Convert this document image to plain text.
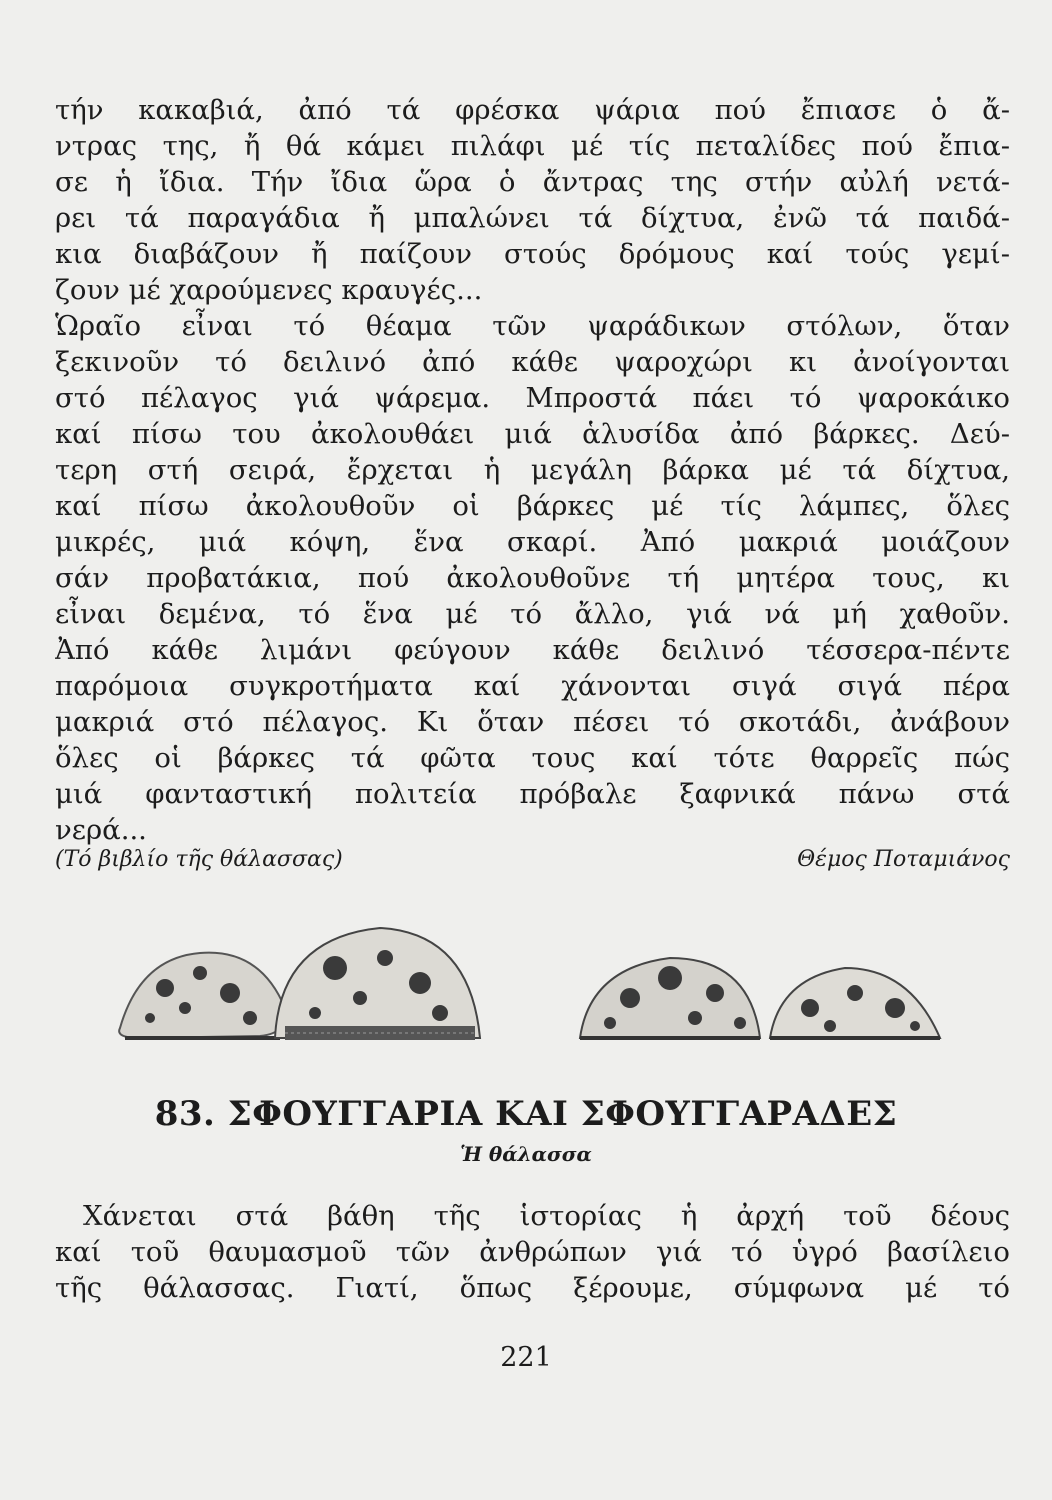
τήν κακαβιά, ἀπό τά φρέσκα ψάρια πού ἔπιασε ὁ ἄ-
ντρας της, ἤ θά κάμει πιλάφι μέ τίς πεταλίδες πού ἔπια-
σε ἡ ἴδια. Τήν ἴδια ὥρα ὁ ἄντρας της στήν αὐλή νετά-
ρει τά παραγάδια ἤ μπαλώνει τά δίχτυα, ἐνῶ τά παιδά-
κια διαβάζουν ἤ παίζουν στούς δρόμους καί τούς γεμί-
ζουν μέ χαρούμενες κραυγές...
Ὡραῖο εἶναι τό θέαμα τῶν ψαράδικων στόλων, ὅταν
ξεκινοῦν τό δειλινό ἀπό κάθε ψαροχώρι κι ἀνοίγονται
στό πέλαγος γιά ψάρεμα. Μπροστά πάει τό ψαροκάικο
καί πίσω του ἀκολουθάει μιά ἁλυσίδα ἀπό βάρκες. Δεύ-
τερη στή σειρά, ἔρχεται ἡ μεγάλη βάρκα μέ τά δίχτυα,
καί πίσω ἀκολουθοῦν οἱ βάρκες μέ τίς λάμπες, ὅλες
μικρές, μιά κόψη, ἕνα σκαρί. Ἀπό μακριά μοιάζουν
σάν προβατάκια, πού ἀκολουθοῦνε τή μητέρα τους, κι
εἶναι δεμένα, τό ἕνα μέ τό ἄλλο, γιά νά μή χαθοῦν.
Ἀπό κάθε λιμάνι φεύγουν κάθε δειλινό τέσσερα-πέντε
παρόμοια συγκροτήματα καί χάνονται σιγά σιγά πέρα
μακριά στό πέλαγος. Κι ὅταν πέσει τό σκοτάδι, ἀνάβουν
ὅλες οἱ βάρκες τά φῶτα τους καί τότε θαρρεῖς πώς
μιά φανταστική πολιτεία πρόβαλε ξαφνικά πάνω στά
νερά...
(Τό βιβλίο τῆς θάλασσας)	Θέμος Ποταμιάνος
83. ΣΦΟΥΓΓΑΡΙΑ ΚΑΙ ΣΦΟΥΓΓΑΡΑΔΕΣ
Ἡ θάλασσα
Χάνεται στά βάθη τῆς ἱστορίας ἡ ἀρχή τοῦ δέους
καί τοῦ θαυμασμοῦ τῶν ἀνθρώπων γιά τό ὑγρό βασίλειο
τῆς θάλασσας. Γιατί, ὅπως ξέρουμε, σύμφωνα μέ τό
221
